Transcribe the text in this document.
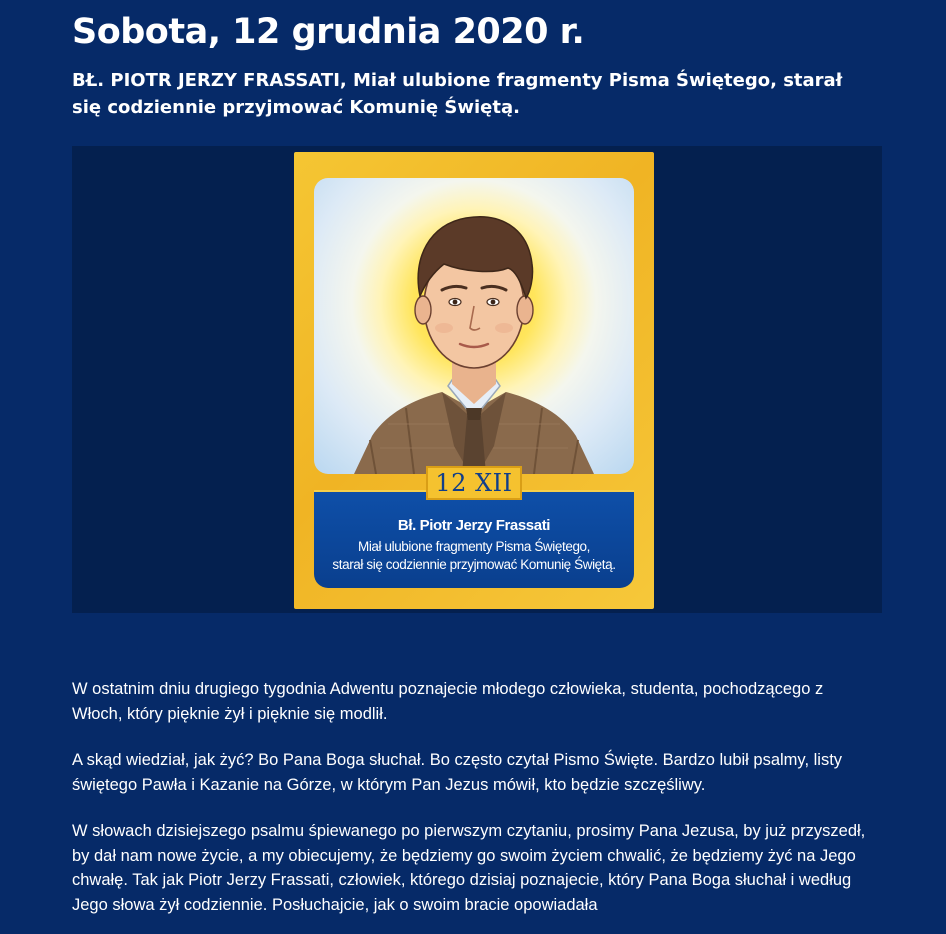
Sobota, 12 grudnia 2020 r.
BŁ. PIOTR JERZY FRASSATI, Miał ulubione fragmenty Pisma Świętego, starał się codziennie przyjmować Komunię Świętą.
12 XII
Bł. Piotr Jerzy Frassati
Miał ulubione fragmenty Pisma Świętego,
starał się codziennie przyjmować Komunię Świętą.

W ostatnim dniu drugiego tygodnia Adwentu poznajecie młodego człowieka, studenta, pochodzącego z Włoch, który pięknie żył i pięknie się modlił.

A skąd wiedział, jak żyć? Bo Pana Boga słuchał. Bo często czytał Pismo Święte. Bardzo lubił psalmy, listy świętego Pawła i Kazanie na Górze, w którym Pan Jezus mówił, kto będzie szczęśliwy.

W słowach dzisiejszego psalmu śpiewanego po pierwszym czytaniu, prosimy Pana Jezusa, by już przyszedł, by dał nam nowe życie, a my obiecujemy, że będziemy go swoim życiem chwalić, że będziemy żyć na Jego chwałę. Tak jak Piotr Jerzy Frassati, człowiek, którego dzisiaj poznajecie, który Pana Boga słuchał i według Jego słowa żył codziennie. Posłuchajcie, jak o swoim bracie opowiadała
